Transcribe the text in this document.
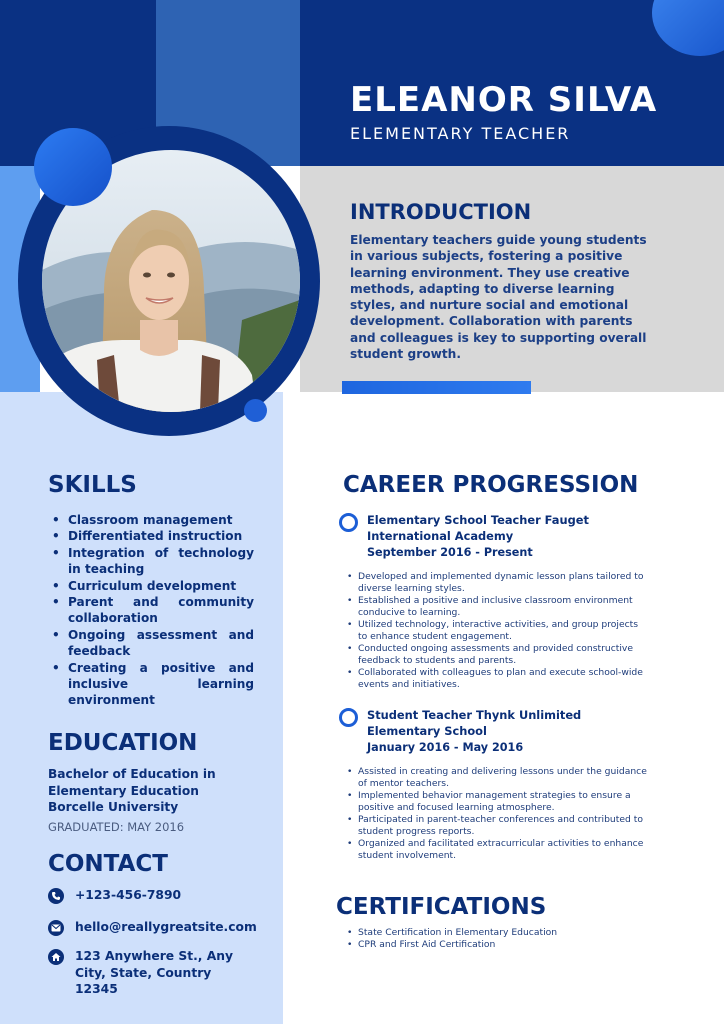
ELEANOR SILVA
ELEMENTARY TEACHER
INTRODUCTION
Elementary teachers guide young students in various subjects, fostering a positive learning environment. They use creative methods, adapting to diverse learning styles, and nurture social and emotional development. Collaboration with parents and colleagues is key to supporting overall student growth.
SKILLS
• Classroom management
• Differentiated instruction
• Integration of technology in teaching
• Curriculum development
• Parent and community collaboration
• Ongoing assessment and feedback
• Creating a positive and inclusive learning environment
EDUCATION
Bachelor of Education in
Elementary Education
Borcelle University
GRADUATED: MAY 2016
CONTACT
+123-456-7890
hello@reallygreatsite.com
123 Anywhere St., Any City, State, Country 12345
CAREER PROGRESSION
Elementary School Teacher Fauget International Academy
September 2016 - Present
• Developed and implemented dynamic lesson plans tailored to diverse learning styles.
• Established a positive and inclusive classroom environment conducive to learning.
• Utilized technology, interactive activities, and group projects to enhance student engagement.
• Conducted ongoing assessments and provided constructive feedback to students and parents.
• Collaborated with colleagues to plan and execute school-wide events and initiatives.
Student Teacher Thynk Unlimited Elementary School
January 2016 - May 2016
• Assisted in creating and delivering lessons under the guidance of mentor teachers.
• Implemented behavior management strategies to ensure a positive and focused learning atmosphere.
• Participated in parent-teacher conferences and contributed to student progress reports.
• Organized and facilitated extracurricular activities to enhance student involvement.
CERTIFICATIONS
• State Certification in Elementary Education
• CPR and First Aid Certification
